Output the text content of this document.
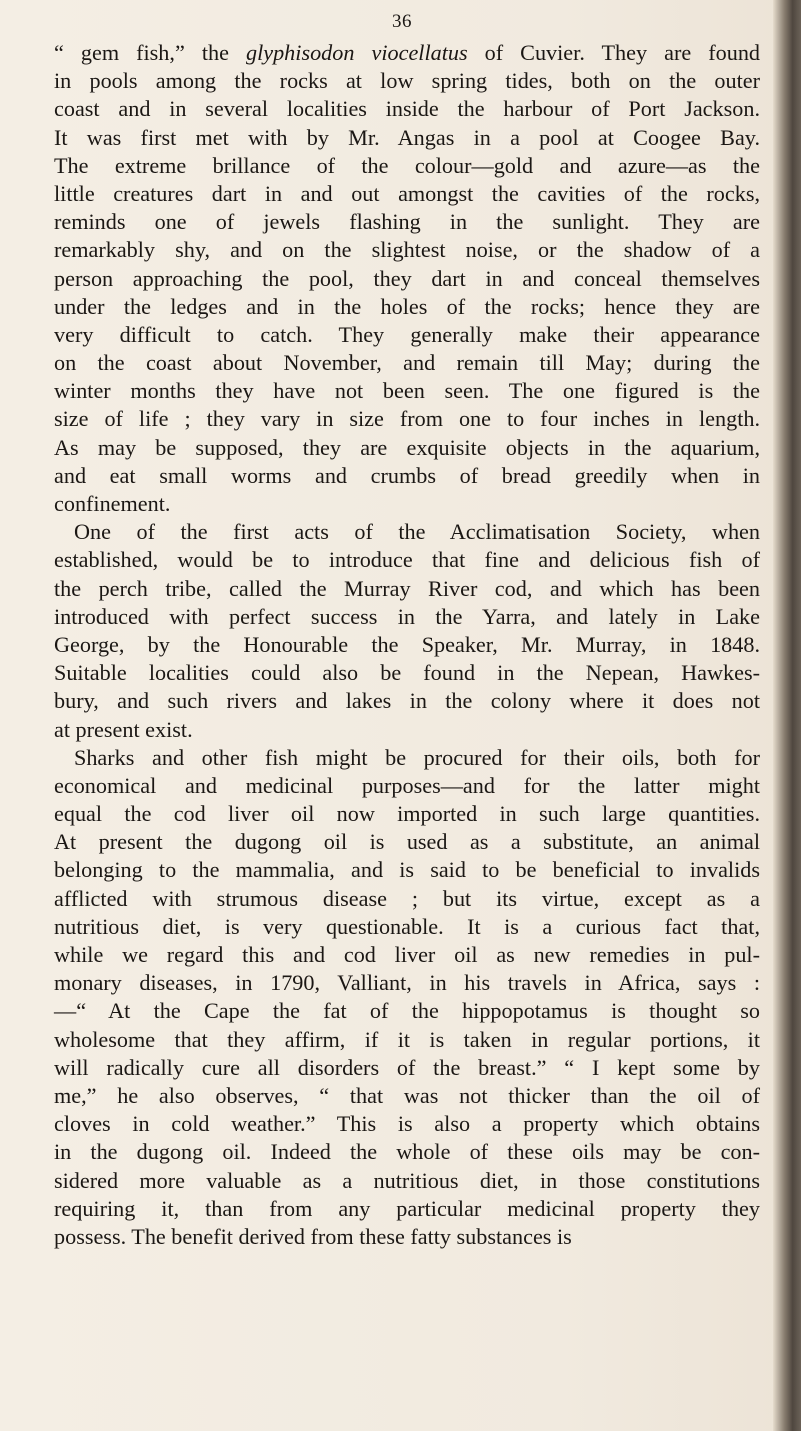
36
“ gem fish,” the glyphisodon viocellatus of Cuvier. They are found
in pools among the rocks at low spring tides, both on the outer
coast and in several localities inside the harbour of Port Jackson.
It was first met with by Mr. Angas in a pool at Coogee Bay.
The extreme brillance of the colour—gold and azure—as the
little creatures dart in and out amongst the cavities of the rocks,
reminds one of jewels flashing in the sunlight. They are
remarkably shy, and on the slightest noise, or the shadow of a
person approaching the pool, they dart in and conceal themselves
under the ledges and in the holes of the rocks; hence they are
very difficult to catch. They generally make their appearance
on the coast about November, and remain till May; during the
winter months they have not been seen. The one figured is the
size of life ; they vary in size from one to four inches in length.
As may be supposed, they are exquisite objects in the aquarium,
and eat small worms and crumbs of bread greedily when in
confinement.
One of the first acts of the Acclimatisation Society, when
established, would be to introduce that fine and delicious fish of
the perch tribe, called the Murray River cod, and which has been
introduced with perfect success in the Yarra, and lately in Lake
George, by the Honourable the Speaker, Mr. Murray, in 1848.
Suitable localities could also be found in the Nepean, Hawkes-
bury, and such rivers and lakes in the colony where it does not
at present exist.
Sharks and other fish might be procured for their oils, both for
economical and medicinal purposes—and for the latter might
equal the cod liver oil now imported in such large quantities.
At present the dugong oil is used as a substitute, an animal
belonging to the mammalia, and is said to be beneficial to invalids
afflicted with strumous disease ; but its virtue, except as a
nutritious diet, is very questionable. It is a curious fact that,
while we regard this and cod liver oil as new remedies in pul-
monary diseases, in 1790, Valliant, in his travels in Africa, says :
—“ At the Cape the fat of the hippopotamus is thought so
wholesome that they affirm, if it is taken in regular portions, it
will radically cure all disorders of the breast.” “ I kept some by
me,” he also observes, “ that was not thicker than the oil of
cloves in cold weather.” This is also a property which obtains
in the dugong oil. Indeed the whole of these oils may be con-
sidered more valuable as a nutritious diet, in those constitutions
requiring it, than from any particular medicinal property they
possess. The benefit derived from these fatty substances is
